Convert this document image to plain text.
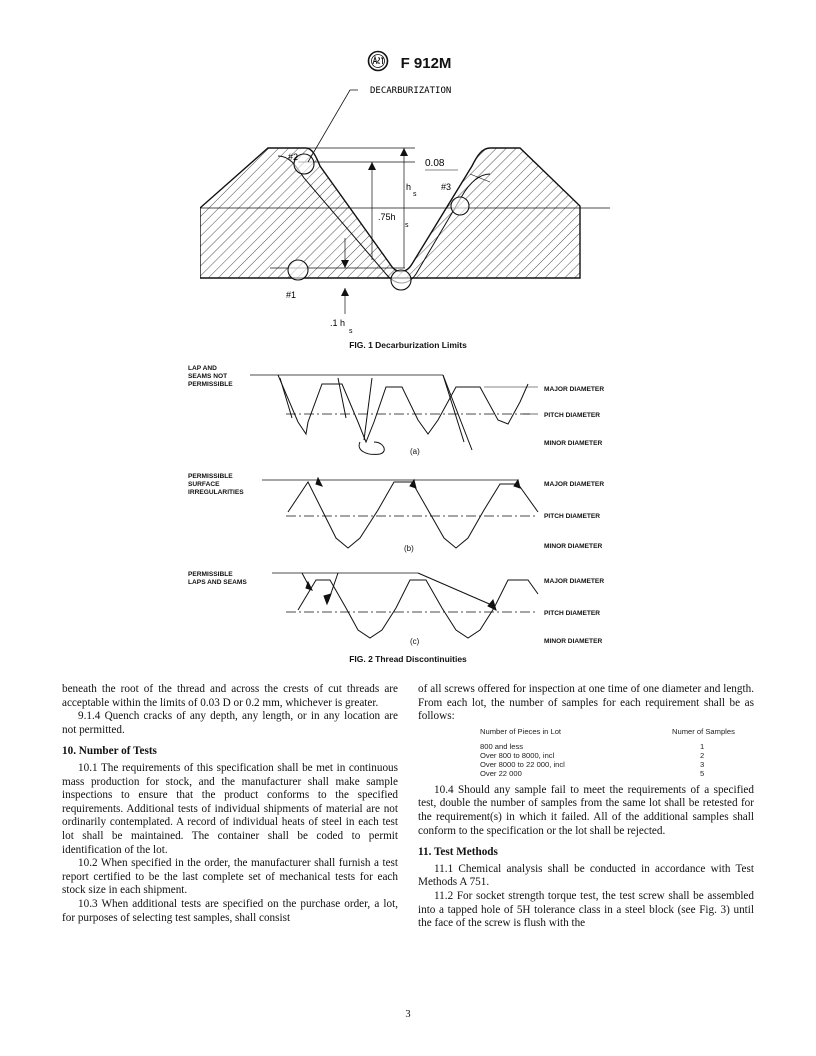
F 912M
DECARBURIZATION
0.08
#2
#3
#1
h
s
.75h
s
.1 h
s
FIG. 1 Decarburization Limits
LAP AND
SEAMS NOT
PERMISSIBLE
MAJOR DIAMETER
PITCH DIAMETER
MINOR DIAMETER
PERMISSIBLE
SURFACE
IRREGULARITIES
MAJOR DIAMETER
PITCH DIAMETER
MINOR DIAMETER
PERMISSIBLE
LAPS AND SEAMS	MAJOR DIAMETER
PITCH DIAMETER
MINOR DIAMETER
(a)
(b)
(c)
FIG. 2 Thread Discontinuities

beneath the root of the thread and across the crests of cut threads are acceptable within the limits of 0.03 D or 0.2 mm, whichever is greater.

9.1.4 Quench cracks of any depth, any length, or in any location are not permitted.

10. Number of Tests

10.1 The requirements of this specification shall be met in continuous mass production for stock, and the manufacturer shall make sample inspections to ensure that the product conforms to the specified requirements. Additional tests of individual shipments of material are not ordinarily contemplated. A record of individual heats of steel in each test lot shall be maintained. The container shall be coded to permit identification of the lot.

10.2 When specified in the order, the manufacturer shall furnish a test report certified to be the last complete set of mechanical tests for each stock size in each shipment.

10.3 When additional tests are specified on the purchase order, a lot, for purposes of selecting test samples, shall consist

of all screws offered for inspection at one time of one diameter and length. From each lot, the number of samples for each requirement shall be as follows:

Number of Pieces in Lot	Numer of Samples

800 and less	1
Over 800 to 8000, incl	2
Over 8000 to 22 000, incl	3
Over 22 000	5

10.4 Should any sample fail to meet the requirements of a specified test, double the number of samples from the same lot shall be retested for the requirement(s) in which it failed. All of the additional samples shall conform to the specification or the lot shall be rejected.

11. Test Methods

11.1 Chemical analysis shall be conducted in accordance with Test Methods A 751.

11.2 For socket strength torque test, the test screw shall be assembled into a tapped hole of 5H tolerance class in a steel block (see Fig. 3) until the face of the screw is flush with the

3
